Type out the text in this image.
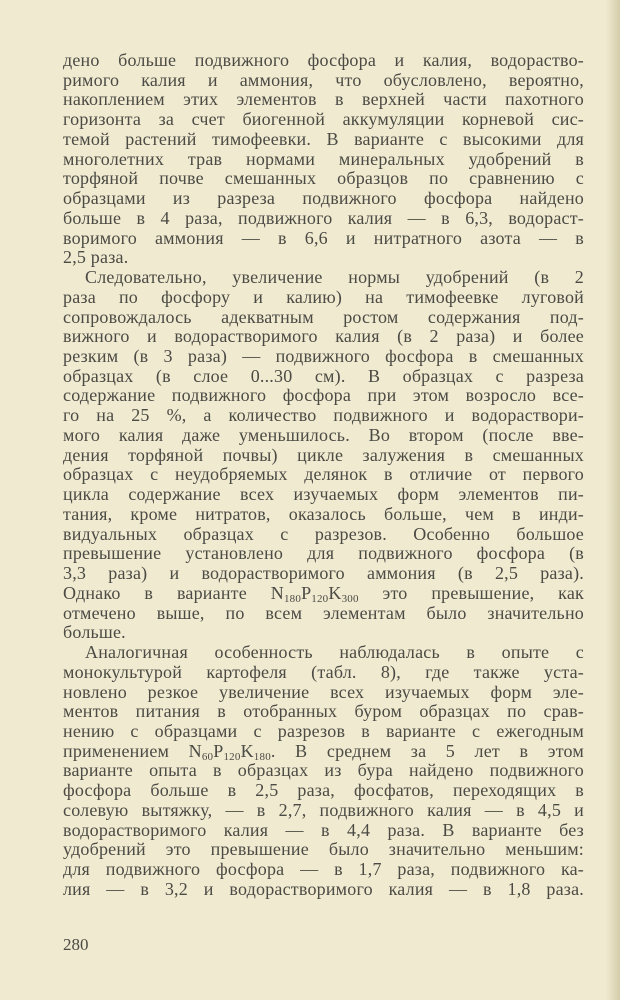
дено больше подвижного фосфора и калия, водораство-
римого калия и аммония, что обусловлено, вероятно,
накоплением этих элементов в верхней части пахотного
горизонта за счет биогенной аккумуляции корневой сис-
темой растений тимофеевки. В варианте с высокими для
многолетних трав нормами минеральных удобрений в
торфяной почве смешанных образцов по сравнению с
образцами из разреза подвижного фосфора найдено
больше в 4 раза, подвижного калия — в 6,3, водораст-
воримого аммония — в 6,6 и нитратного азота — в
2,5 раза.
Следовательно, увеличение нормы удобрений (в 2
раза по фосфору и калию) на тимофеевке луговой
сопровождалось адекватным ростом содержания под-
вижного и водорастворимого калия (в 2 раза) и более
резким (в 3 раза) — подвижного фосфора в смешанных
образцах (в слое 0...30 см). В образцах с разреза
содержание подвижного фосфора при этом возросло все-
го на 25 %, а количество подвижного и водораствори-
мого калия даже уменьшилось. Во втором (после вве-
дения торфяной почвы) цикле залужения в смешанных
образцах с неудобряемых делянок в отличие от первого
цикла содержание всех изучаемых форм элементов пи-
тания, кроме нитратов, оказалось больше, чем в инди-
видуальных образцах с разрезов. Особенно большое
превышение установлено для подвижного фосфора (в
3,3 раза) и водорастворимого аммония (в 2,5 раза).
Однако в варианте $N_{180}P_{120}K_{300}$ это превышение, как
отмечено выше, по всем элементам было значительно
больше.
Аналогичная особенность наблюдалась в опыте с
монокультурой картофеля (табл. 8), где также уста-
новлено резкое увеличение всех изучаемых форм эле-
ментов питания в отобранных буром образцах по срав-
нению с образцами с разрезов в варианте с ежегодным
применением $N_{60}P_{120}K_{180}$. В среднем за 5 лет в этом
варианте опыта в образцах из бура найдено подвижного
фосфора больше в 2,5 раза, фосфатов, переходящих в
солевую вытяжку, — в 2,7, подвижного калия — в 4,5 и
водорастворимого калия — в 4,4 раза. В варианте без
удобрений это превышение было значительно меньшим:
для подвижного фосфора — в 1,7 раза, подвижного ка-
лия — в 3,2 и водорастворимого калия — в 1,8 раза.
280
